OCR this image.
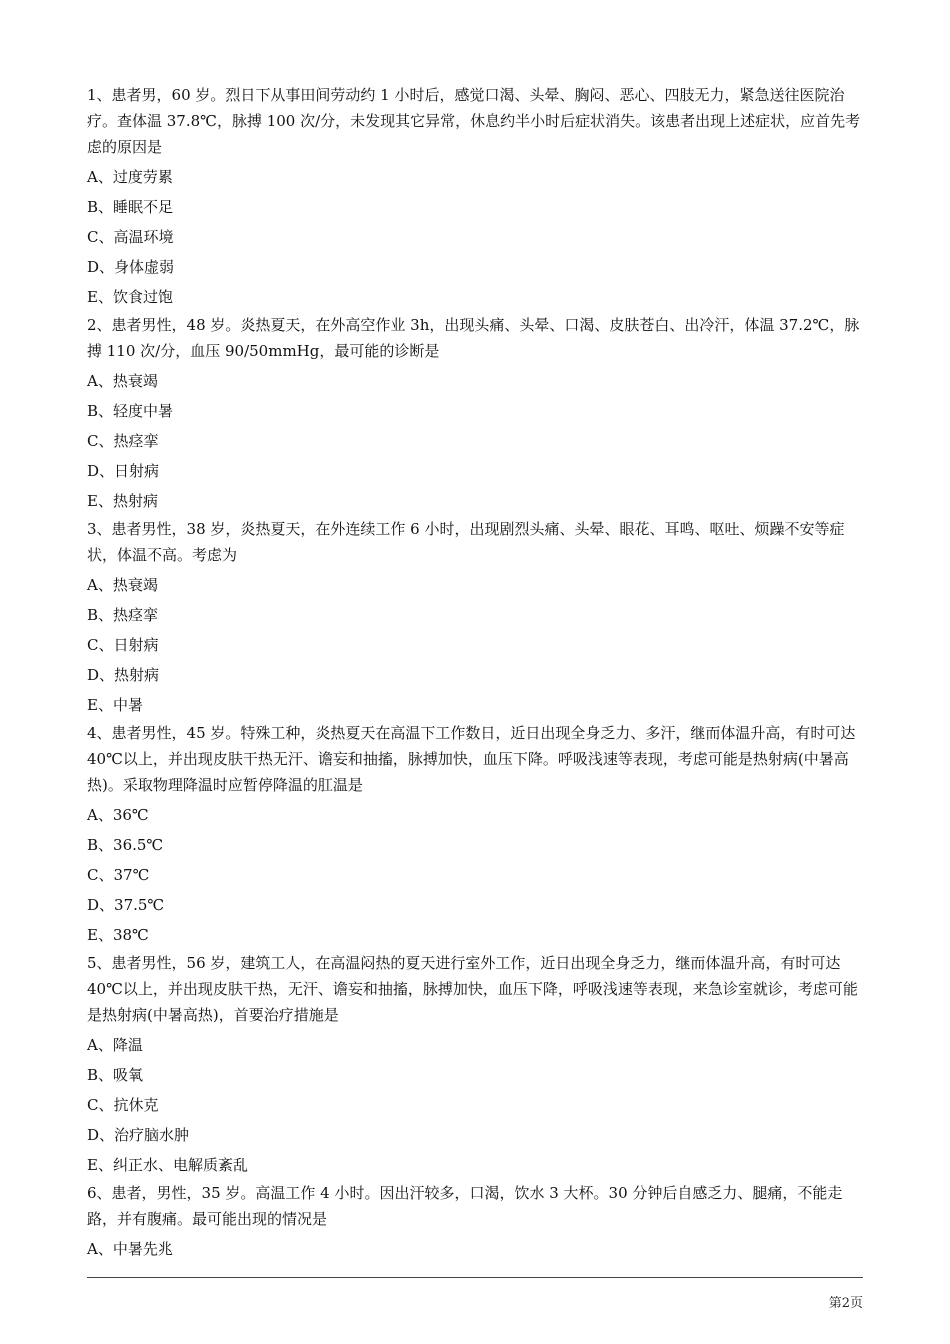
1、患者男，60 岁。烈日下从事田间劳动约 1 小时后，感觉口渴、头晕、胸闷、恶心、四肢无力，紧急送往医院治疗。查体温 37.8℃，脉搏 100 次/分，未发现其它异常，休息约半小时后症状消失。该患者出现上述症状，应首先考虑的原因是

A、过度劳累

B、睡眠不足

C、高温环境

D、身体虚弱

E、饮食过饱

2、患者男性，48 岁。炎热夏天，在外高空作业 3h，出现头痛、头晕、口渴、皮肤苍白、出冷汗，体温 37.2℃，脉搏 110 次/分，血压 90/50mmHg，最可能的诊断是

A、热衰竭

B、轻度中暑

C、热痉挛

D、日射病

E、热射病

3、患者男性，38 岁，炎热夏天，在外连续工作 6 小时，出现剧烈头痛、头晕、眼花、耳鸣、呕吐、烦躁不安等症状，体温不高。考虑为

A、热衰竭

B、热痉挛

C、日射病

D、热射病

E、中暑

4、患者男性，45 岁。特殊工种，炎热夏天在高温下工作数日，近日出现全身乏力、多汗，继而体温升高，有时可达 40℃以上，并出现皮肤干热无汗、谵妄和抽搐，脉搏加快，血压下降。呼吸浅速等表现，考虑可能是热射病(中暑高热)。采取物理降温时应暂停降温的肛温是

A、36℃

B、36.5℃

C、37℃

D、37.5℃

E、38℃

5、患者男性，56 岁，建筑工人，在高温闷热的夏天进行室外工作，近日出现全身乏力，继而体温升高，有时可达 40℃以上，并出现皮肤干热，无汗、谵妄和抽搐，脉搏加快，血压下降，呼吸浅速等表现，来急诊室就诊，考虑可能是热射病(中暑高热)，首要治疗措施是

A、降温

B、吸氧

C、抗休克

D、治疗脑水肿

E、纠正水、电解质紊乱

6、患者，男性，35 岁。高温工作 4 小时。因出汗较多，口渴，饮水 3 大杯。30 分钟后自感乏力、腿痛，不能走路，并有腹痛。最可能出现的情况是

A、中暑先兆

第2页
